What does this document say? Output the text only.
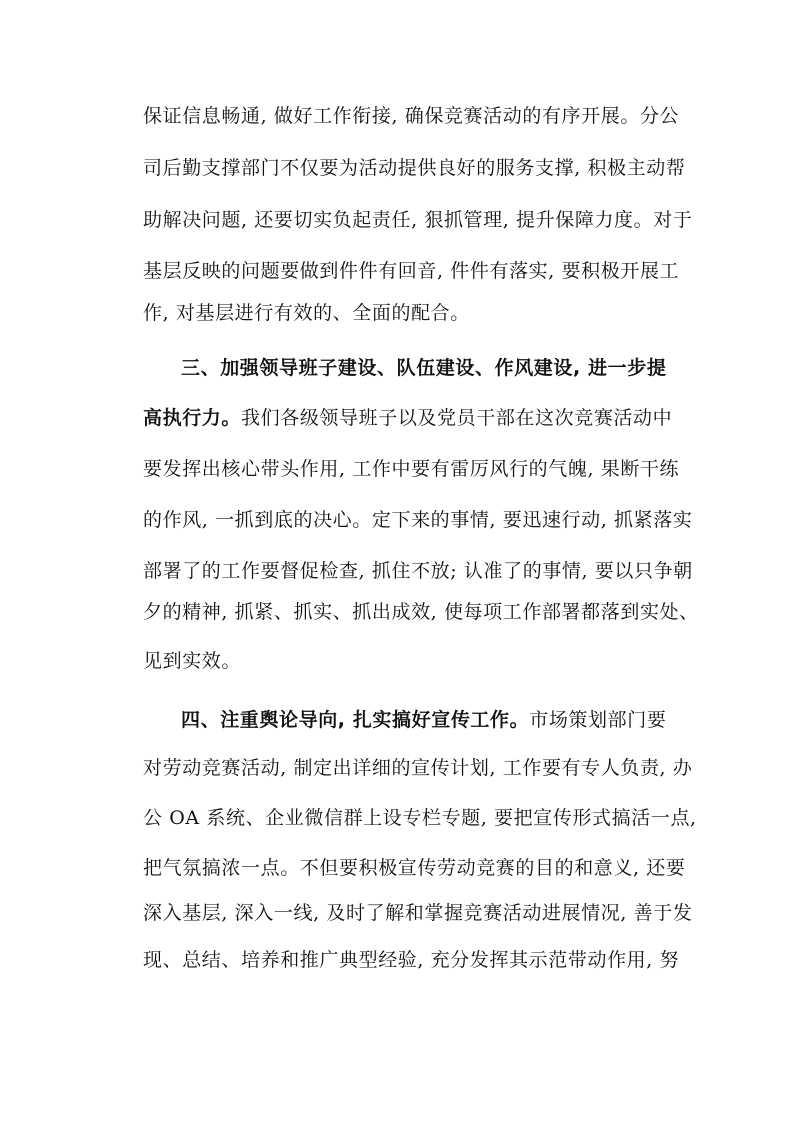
保证信息畅通, 做好工作衔接, 确保竞赛活动的有序开展。分公
司后勤支撑部门不仅要为活动提供良好的服务支撑, 积极主动帮
助解决问题, 还要切实负起责任, 狠抓管理, 提升保障力度。对于
基层反映的问题要做到件件有回音, 件件有落实, 要积极开展工
作, 对基层进行有效的、全面的配合。
三、加强领导班子建设、队伍建设、作风建设, 进一步提
高执行力。我们各级领导班子以及党员干部在这次竞赛活动中
要发挥出核心带头作用, 工作中要有雷厉风行的气魄, 果断干练
的作风, 一抓到底的决心。定下来的事情, 要迅速行动, 抓紧落实
部署了的工作要督促检查, 抓住不放; 认准了的事情, 要以只争朝
夕的精神, 抓紧、抓实、抓出成效, 使每项工作部署都落到实处、
见到实效。
四、注重舆论导向, 扎实搞好宣传工作。市场策划部门要
对劳动竞赛活动, 制定出详细的宣传计划, 工作要有专人负责, 办
公 OA 系统、企业微信群上设专栏专题, 要把宣传形式搞活一点,
把气氛搞浓一点。不但要积极宣传劳动竞赛的目的和意义, 还要
深入基层, 深入一线, 及时了解和掌握竞赛活动进展情况, 善于发
现、总结、培养和推广典型经验, 充分发挥其示范带动作用, 努
